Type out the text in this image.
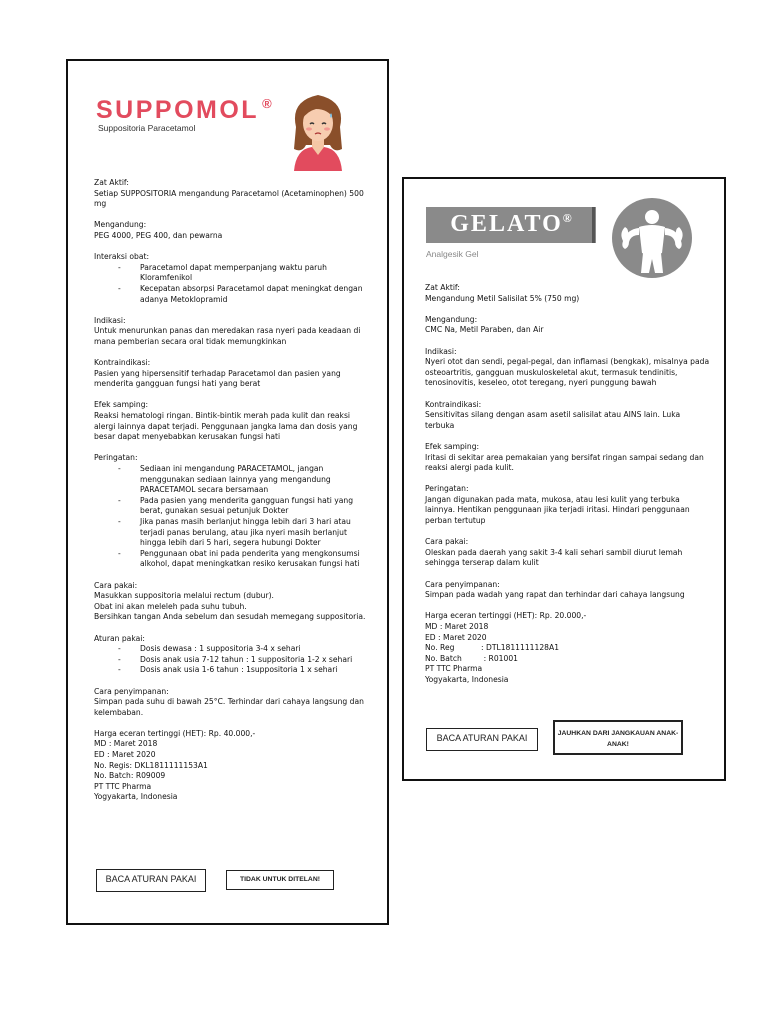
SUPPOMOL ®
Suppositoria Paracetamol
Zat Aktif:

Setiap SUPPOSITORIA mengandung Paracetamol (Acetaminophen) 500 mg

Mengandung:

PEG 4000, PEG 400, dan pewarna

Interaksi obat:
- Paracetamol dapat memperpanjang waktu paruh Kloramfenikol
- Kecepatan absorpsi Paracetamol dapat meningkat dengan adanya Metoklopramid
Indikasi:

Untuk menurunkan panas dan meredakan rasa nyeri pada keadaan di mana pemberian secara oral tidak memungkinkan

Kontraindikasi:

Pasien yang hipersensitif terhadap Paracetamol dan pasien yang menderita gangguan fungsi hati yang berat

Efek samping:

Reaksi hematologi ringan. Bintik-bintik merah pada kulit dan reaksi alergi lainnya dapat terjadi. Penggunaan jangka lama dan dosis yang besar dapat menyebabkan kerusakan fungsi hati

Peringatan:
- Sediaan ini mengandung PARACETAMOL, jangan menggunakan sediaan lainnya yang mengandung PARACETAMOL secara bersamaan
- Pada pasien yang menderita gangguan fungsi hati yang berat, gunakan sesuai petunjuk Dokter
- Jika panas masih berlanjut hingga lebih dari 3 hari atau terjadi panas berulang, atau jika nyeri masih berlanjut hingga lebih dari 5 hari, segera hubungi Dokter
- Penggunaan obat ini pada penderita yang mengkonsumsi alkohol, dapat meningkatkan resiko kerusakan fungsi hati
Cara pakai:

Masukkan suppositoria melalui rectum (dubur).

Obat ini akan meleleh pada suhu tubuh.

Bersihkan tangan Anda sebelum dan sesudah memegang suppositoria.

Aturan pakai:
- Dosis dewasa : 1 suppositoria 3-4 x sehari
- Dosis anak usia 7-12 tahun : 1 suppositoria 1-2 x sehari
- Dosis anak usia 1-6 tahun : 1suppositoria 1 x sehari
Cara penyimpanan:

Simpan pada suhu di bawah 25°C. Terhindar dari cahaya langsung dan kelembaban.

Harga eceran tertinggi (HET): Rp. 40.000,-

MD : Maret 2018

ED : Maret 2020

No. Regis: DKL1811111153A1

No. Batch: R09009

PT TTC Pharma

Yogyakarta, Indonesia

BACA ATURAN PAKAI	TIDAK UNTUK DITELAN!
GELATO®
Analgesik Gel
Zat Aktif:

Mengandung Metil Salisilat 5% (750 mg)

Mengandung:

CMC Na, Metil Paraben, dan Air

Indikasi:

Nyeri otot dan sendi, pegal-pegal, dan inflamasi (bengkak), misalnya pada osteoartritis, gangguan muskuloskeletal akut, termasuk tendinitis, tenosinovitis, keseleo, otot teregang, nyeri punggung bawah

Kontraindikasi:

Sensitivitas silang dengan asam asetil salisilat atau AINS lain. Luka terbuka

Efek samping:

Iritasi di sekitar area pemakaian yang bersifat ringan sampai sedang dan reaksi alergi pada kulit.

Peringatan:

Jangan digunakan pada mata, mukosa, atau lesi kulit yang terbuka lainnya. Hentikan penggunaan jika terjadi iritasi. Hindari penggunaan perban tertutup

Cara pakai:

Oleskan pada daerah yang sakit 3-4 kali sehari sambil diurut lemah sehingga terserap dalam kulit

Cara penyimpanan:

Simpan pada wadah yang rapat dan terhindar dari cahaya langsung

Harga eceran tertinggi (HET): Rp. 20.000,-

MD : Maret 2018

ED : Maret 2020

No. Reg           : DTL1811111128A1

No. Batch         : R01001

PT TTC Pharma

Yogyakarta, Indonesia

BACA ATURAN PAKAI	JAUHKAN DARI JANGKAUAN ANAK-ANAK!
